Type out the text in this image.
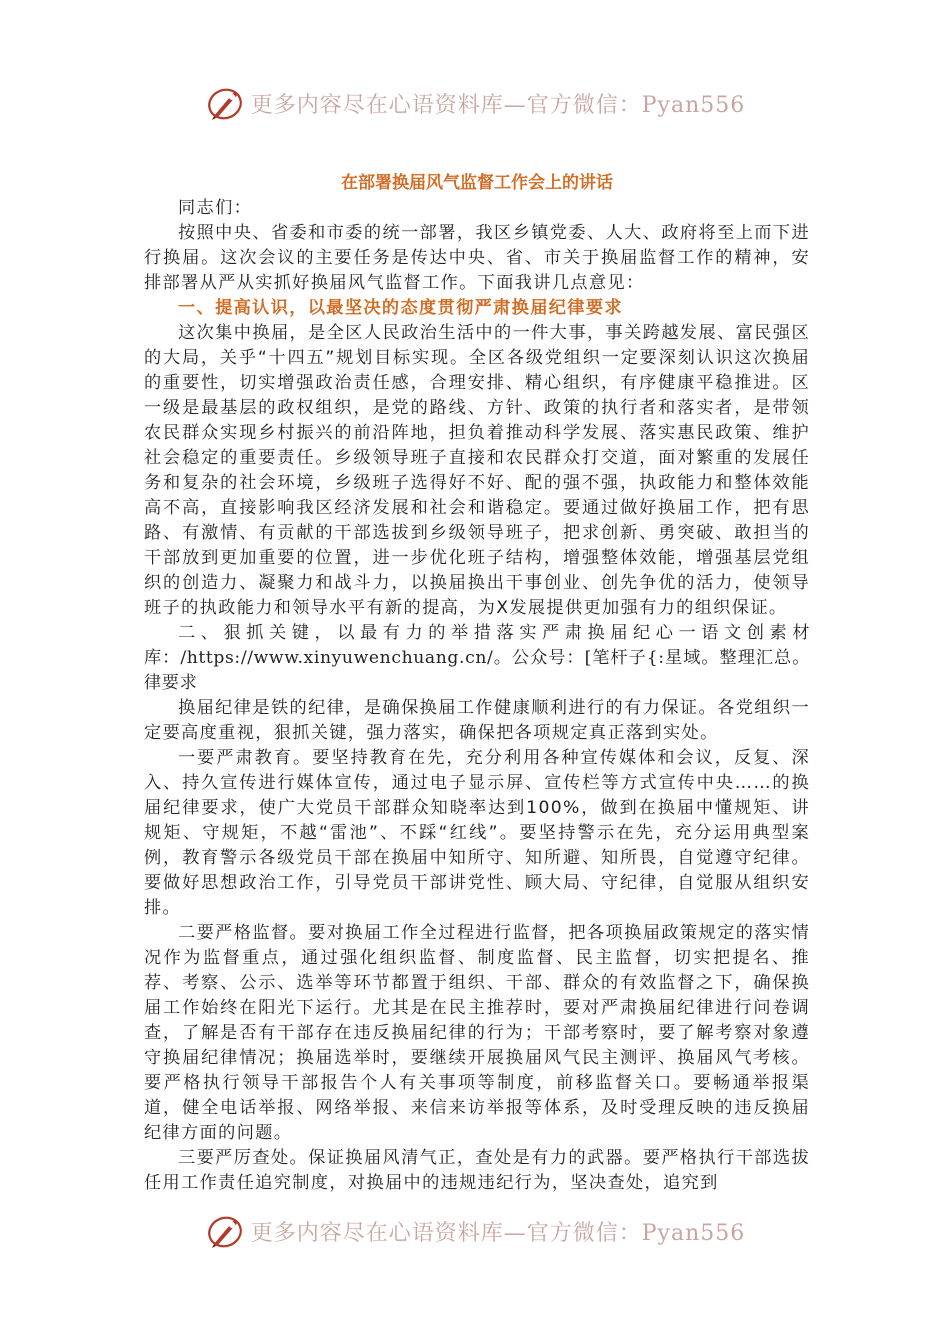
更多内容尽在心语资料库—官方微信：Pyan556
在部署换届风气监督工作会上的讲话

同志们：

按照中央、省委和市委的统一部署，我区乡镇党委、人大、政府将至上而下进行换届。这次会议的主要任务是传达中央、省、市关于换届监督工作的精神，安排部署从严从实抓好换届风气监督工作。下面我讲几点意见：

一、提高认识，以最坚决的态度贯彻严肃换届纪律要求

这次集中换届，是全区人民政治生活中的一件大事，事关跨越发展、富民强区的大局，关乎“十四五”规划目标实现。全区各级党组织一定要深刻认识这次换届的重要性，切实增强政治责任感，合理安排、精心组织，有序健康平稳推进。区一级是最基层的政权组织，是党的路线、方针、政策的执行者和落实者，是带领农民群众实现乡村振兴的前沿阵地，担负着推动科学发展、落实惠民政策、维护社会稳定的重要责任。乡级领导班子直接和农民群众打交道，面对繁重的发展任务和复杂的社会环境，乡级班子选得好不好、配的强不强，执政能力和整体效能高不高，直接影响我区经济发展和社会和谐稳定。要通过做好换届工作，把有思路、有激情、有贡献的干部选拔到乡级领导班子，把求创新、勇突破、敢担当的干部放到更加重要的位置，进一步优化班子结构，增强整体效能，增强基层党组织的创造力、凝聚力和战斗力，以换届换出干事创业、创先争优的活力，使领导班子的执政能力和领导水平有新的提高，为X发展提供更加强有力的组织保证。

二、狠抓关键，以最有力的举措落实严肃换届纪心一语文创素材库：/https://www.xinyuwenchuang.cn/。公众号：[笔杆子{:星域。整理汇总。律要求

换届纪律是铁的纪律，是确保换届工作健康顺利进行的有力保证。各党组织一定要高度重视，狠抓关键，强力落实，确保把各项规定真正落到实处。

一要严肃教育。要坚持教育在先，充分利用各种宣传媒体和会议，反复、深入、持久宣传进行媒体宣传，通过电子显示屏、宣传栏等方式宣传中央……的换届纪律要求，使广大党员干部群众知晓率达到100%，做到在换届中懂规矩、讲规矩、守规矩，不越“雷池”、不踩“红线”。要坚持警示在先，充分运用典型案例，教育警示各级党员干部在换届中知所守、知所避、知所畏，自觉遵守纪律。要做好思想政治工作，引导党员干部讲党性、顾大局、守纪律，自觉服从组织安排。

二要严格监督。要对换届工作全过程进行监督，把各项换届政策规定的落实情况作为监督重点，通过强化组织监督、制度监督、民主监督，切实把提名、推荐、考察、公示、选举等环节都置于组织、干部、群众的有效监督之下，确保换届工作始终在阳光下运行。尤其是在民主推荐时，要对严肃换届纪律进行问卷调查，了解是否有干部存在违反换届纪律的行为；干部考察时，要了解考察对象遵守换届纪律情况；换届选举时，要继续开展换届风气民主测评、换届风气考核。要严格执行领导干部报告个人有关事项等制度，前移监督关口。要畅通举报渠道，健全电话举报、网络举报、来信来访举报等体系，及时受理反映的违反换届纪律方面的问题。

三要严厉查处。保证换届风清气正，查处是有力的武器。要严格执行干部选拔任用工作责任追究制度，对换届中的违规违纪行为，坚决查处，追究到

更多内容尽在心语资料库—官方微信：Pyan556
